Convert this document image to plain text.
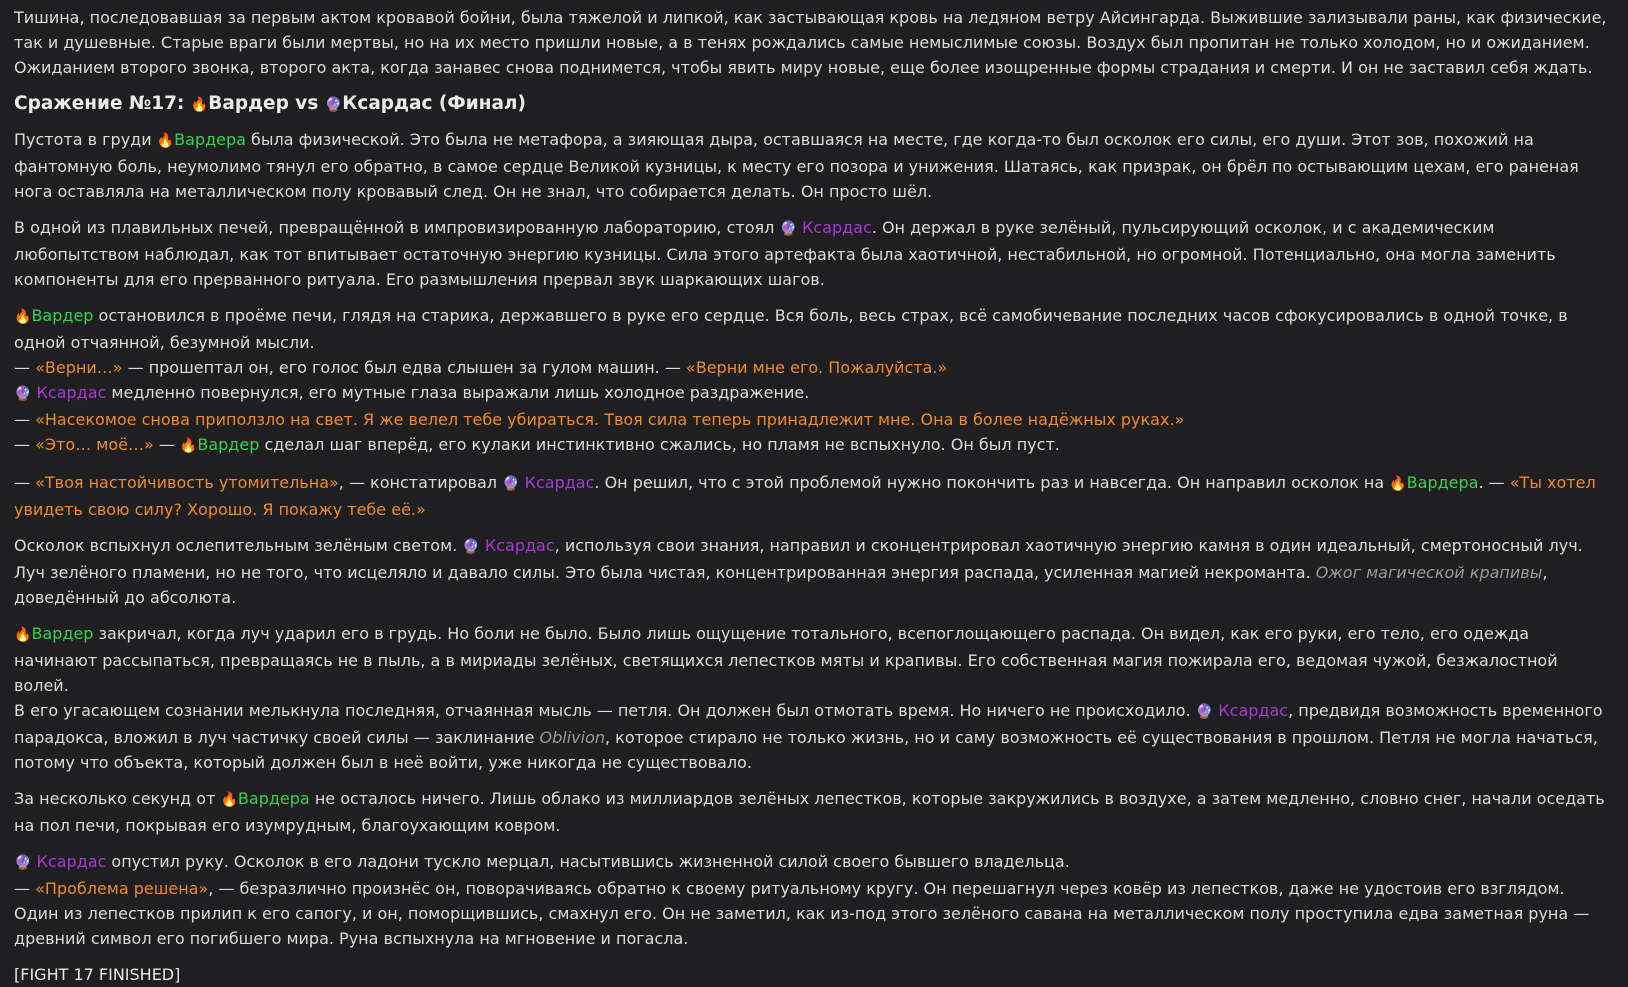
Тишина, последовавшая за первым актом кровавой бойни, была тяжелой и липкой, как застывающая кровь на ледяном ветру Айсингарда. Выжившие зализывали раны, как физические, так и душевные. Старые враги были мертвы, но на их место пришли новые, а в тенях рождались самые немыслимые союзы. Воздух был пропитан не только холодом, но и ожиданием. Ожиданием второго звонка, второго акта, когда занавес снова поднимется, чтобы явить миру новые, еще более изощренные формы страдания и смерти. И он не заставил себя ждать.

Сражение №17: 🔥Вардер vs 🔮Ксардас (Финал)

Пустота в груди 🔥Вардера была физической. Это была не метафора, а зияющая дыра, оставшаяся на месте, где когда-то был осколок его силы, его души. Этот зов, похожий на фантомную боль, неумолимо тянул его обратно, в самое сердце Великой кузницы, к месту его позора и унижения. Шатаясь, как призрак, он брёл по остывающим цехам, его раненая нога оставляла на металлическом полу кровавый след. Он не знал, что собирается делать. Он просто шёл.

В одной из плавильных печей, превращённой в импровизированную лабораторию, стоял 🔮 Ксардас. Он держал в руке зелёный, пульсирующий осколок, и с академическим любопытством наблюдал, как тот впитывает остаточную энергию кузницы. Сила этого артефакта была хаотичной, нестабильной, но огромной. Потенциально, она могла заменить компоненты для его прерванного ритуала. Его размышления прервал звук шаркающих шагов.

🔥Вардер остановился в проёме печи, глядя на старика, державшего в руке его сердце. Вся боль, весь страх, всё самобичевание последних часов сфокусировались в одной точке, в одной отчаянной, безумной мысли.
— «Верни…» — прошептал он, его голос был едва слышен за гулом машин. — «Верни мне его. Пожалуйста.»
🔮 Ксардас медленно повернулся, его мутные глаза выражали лишь холодное раздражение.
— «Насекомое снова приползло на свет. Я же велел тебе убираться. Твоя сила теперь принадлежит мне. Она в более надёжных руках.»
— «Это… моё…» — 🔥Вардер сделал шаг вперёд, его кулаки инстинктивно сжались, но пламя не вспыхнуло. Он был пуст.

— «Твоя настойчивость утомительна», — констатировал 🔮 Ксардас. Он решил, что с этой проблемой нужно покончить раз и навсегда. Он направил осколок на 🔥Вардера. — «Ты хотел увидеть свою силу? Хорошо. Я покажу тебе её.»

Осколок вспыхнул ослепительным зелёным светом. 🔮 Ксардас, используя свои знания, направил и сконцентрировал хаотичную энергию камня в один идеальный, смертоносный луч. Луч зелёного пламени, но не того, что исцеляло и давало силы. Это была чистая, концентрированная энергия распада, усиленная магией некроманта. Ожог магической крапивы, доведённый до абсолюта.

🔥Вардер закричал, когда луч ударил его в грудь. Но боли не было. Было лишь ощущение тотального, всепоглощающего распада. Он видел, как его руки, его тело, его одежда начинают рассыпаться, превращаясь не в пыль, а в мириады зелёных, светящихся лепестков мяты и крапивы. Его собственная магия пожирала его, ведомая чужой, безжалостной волей.
В его угасающем сознании мелькнула последняя, отчаянная мысль — петля. Он должен был отмотать время. Но ничего не происходило. 🔮 Ксардас, предвидя возможность временного парадокса, вложил в луч частичку своей силы — заклинание Oblivion, которое стирало не только жизнь, но и саму возможность её существования в прошлом. Петля не могла начаться, потому что объекта, который должен был в неё войти, уже никогда не существовало.

За несколько секунд от 🔥Вардера не осталось ничего. Лишь облако из миллиардов зелёных лепестков, которые закружились в воздухе, а затем медленно, словно снег, начали оседать на пол печи, покрывая его изумрудным, благоухающим ковром.

🔮 Ксардас опустил руку. Осколок в его ладони тускло мерцал, насытившись жизненной силой своего бывшего владельца.
— «Проблема решена», — безразлично произнёс он, поворачиваясь обратно к своему ритуальному кругу. Он перешагнул через ковёр из лепестков, даже не удостоив его взглядом. Один из лепестков прилип к его сапогу, и он, поморщившись, смахнул его. Он не заметил, как из-под этого зелёного савана на металлическом полу проступила едва заметная руна — древний символ его погибшего мира. Руна вспыхнула на мгновение и погасла.

[FIGHT 17 FINISHED]
